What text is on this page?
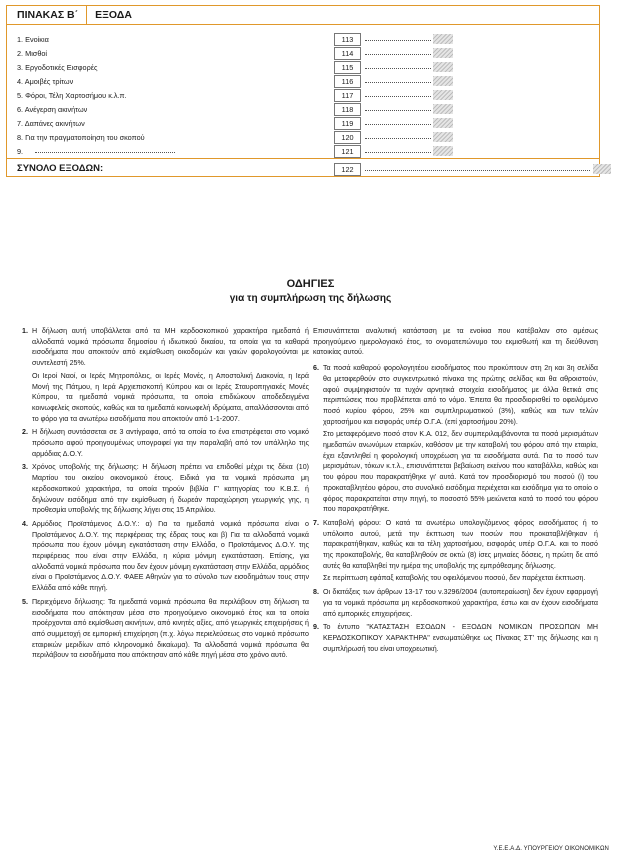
ΠΙΝΑΚΑΣ Β΄	ΕΞΟΔΑ
1. Ενοίκια	113
2. Μισθοί	114
3. Εργοδοτικές Εισφορές	115
4. Αμοιβές τρίτων	116
5. Φόροι, Τέλη Χαρτοσήμου κ.λ.π.	117
6. Ανέγερση ακινήτων	118
7. Δαπάνες ακινήτων	119
8. Για την πραγματοποίηση του σκοπού	120
9.	121
ΣΥΝΟΛΟ ΕΞΟΔΩΝ:	122
ΟΔΗΓΙΕΣ
για τη συμπλήρωση της δήλωσης
1. Η δήλωση αυτή υποβάλλεται από τα ΜΗ κερδοσκοπικού χαρακτήρα ημεδαπά ή αλλοδαπά νομικά πρόσωπα δημοσίου ή ιδιωτικού δικαίου, τα οποία για τα καθαρά εισοδήματα που αποκτούν από εκμίσθωση οικοδομών και γαιών φορολογούνται με συντελεστή 25%.

Οι Ιεροί Ναοί, οι Ιερές Μητροπόλεις, οι Ιερές Μονές, η Αποστολική Διακονία, η Ιερά Μονή της Πάτμου, η Ιερά Αρχιεπισκοπή Κύπρου και οι Ιερές Σταυροπηγιακές Μονές Κύπρου, τα ημεδαπά νομικά πρόσωπα, τα οποία επιδιώκουν αποδεδειγμένα κοινωφελείς σκοπούς, καθώς και τα ημεδαπά κοινωφελή ιδρύματα, απαλλάσσονται από το φόρο για τα ανωτέρω εισοδήματα που αποκτούν από 1-1-2007.

2. Η δήλωση συντάσσεται σε 3 αντίγραφα, από τα οποία το ένα επιστρέφεται στο νομικό πρόσωπο αφού προηγουμένως υπογραφεί για την παραλαβή από τον υπάλληλο της αρμόδιας Δ.Ο.Υ.

3. Χρόνος υποβολής της δήλωσης: Η δήλωση πρέπει να επιδοθεί μέχρι τις δέκα (10) Μαρτίου του οικείου οικονομικού έτους. Ειδικά για τα νομικά πρόσωπα μη κερδοσκοπικού χαρακτήρα, τα οποία τηρούν βιβλία Γ' κατηγορίας του Κ.Β.Σ. ή δηλώνουν εισόδημα από την εκμίσθωση ή δωρεάν παραχώρηση γεωργικής γης, η προθεσμία υποβολής της δήλωσης λήγει στις 15 Απριλίου.

4. Αρμόδιος Προϊστάμενος Δ.Ο.Υ.: α) Για τα ημεδαπά νομικά πρόσωπα είναι ο Προϊστάμενος Δ.Ο.Υ. της περιφέρειας της έδρας τους και β) Για τα αλλοδαπά νομικά πρόσωπα που έχουν μόνιμη εγκατάσταση στην Ελλάδα, ο Προϊστάμενος Δ.Ο.Υ. της περιφέρειας που είναι στην Ελλάδα, η κύρια μόνιμη εγκατάσταση. Επίσης, για αλλοδαπά νομικά πρόσωπα που δεν έχουν μόνιμη εγκατάσταση στην Ελλάδα, αρμόδιος είναι ο Προϊστάμενος Δ.Ο.Υ. ΦΑΕΕ Αθηνών για το σύνολο των εισοδημάτων τους στην Ελλάδα από κάθε πηγή.

5. Περιεχόμενο δήλωσης: Τα ημεδαπά νομικά πρόσωπα θα περιλάβουν στη δήλωση τα εισοδήματα που απόκτησαν μέσα στο προηγούμενο οικονομικό έτος και τα οποία προέρχονται από εκμίσθωση ακινήτων, από κινητές αξίες, από γεωργικές επιχειρήσεις ή από συμμετοχή σε εμπορική επιχείρηση (π.χ. λόγω περιελεύσεως στο νομικό πρόσωπο εταιρικών μεριδίων από κληρονομικό δικαίωμα). Τα αλλοδαπά νομικά πρόσωπα θα περιλάβουν τα εισοδήματα που απόκτησαν από κάθε πηγή μέσα στο χρόνο αυτό.

Επισυνάπτεται αναλυτική κατάσταση με τα ενοίκια που κατέβαλαν στο αμέσως προηγούμενο ημερολογιακό έτος, το ονοματεπώνυμο του εκμισθωτή και τη διεύθυνση κατοικίας αυτού.

6. Τα ποσά καθαρού φορολογητέου εισοδήματος που προκύπτουν στη 2η και 3η σελίδα θα μεταφερθούν στο συγκεντρωτικό πίνακα της πρώτης σελίδας και θα αθροιστούν, αφού συμψηφιστούν τα τυχόν αρνητικά στοιχεία εισοδήματος με άλλα θετικά στις περιπτώσεις που προβλέπεται από το νόμο. Έπειτα θα προσδιορισθεί το οφειλόμενο ποσό κυρίου φόρου, 25% και συμπληρωματικού (3%), καθώς και των τελών χαρτοσήμου και εισφοράς υπέρ Ο.Γ.Α. (επί χαρτοσήμου 20%).

Στο μεταφερόμενο ποσό στον Κ.Α. 012, δεν συμπεριλαμβάνονται τα ποσά μερισμάτων ημεδαπών ανωνύμων εταιριών, καθόσον με την καταβολή του φόρου από την εταιρία, έχει εξαντληθεί η φορολογική υποχρέωση για τα εισοδήματα αυτά. Για το ποσό των μερισμάτων, τόκων κ.τ.λ., επισυνάπτεται βεβαίωση εκείνου που καταβάλλει, καθώς και του φόρου που παρακρατήθηκε γι' αυτά. Κατά τον προσδιορισμό του ποσού (i) του προκαταβλητέου φόρου, στο συνολικό εισόδημα περιέχεται και εισόδημα για το οποίο ο φόρος παρακρατείται στην πηγή, το ποσοστό 55% μειώνεται κατά το ποσό του φόρου που παρακρατήθηκε.

7. Καταβολή φόρου: Ο κατά τα ανωτέρω υπολογιζόμενος φόρος εισοδήματος ή το υπόλοιπο αυτού, μετά την έκπτωση των ποσών που προκαταβλήθηκαν ή παρακρατήθηκαν, καθώς και τα τέλη χαρτοσήμου, εισφοράς υπέρ Ο.Γ.Α. και το ποσό της προκαταβολής, θα καταβληθούν σε οκτώ (8) ίσες μηνιαίες δόσεις, η πρώτη δε από αυτές θα καταβληθεί την ημέρα της υποβολής της εμπρόθεσμης δήλωσης.

Σε περίπτωση εφάπαξ καταβολής του οφειλόμενου ποσού, δεν παρέχεται έκπτωση.

8. Οι διατάξεις των άρθρων 13-17 του ν.3296/2004 (αυτοπεραίωση) δεν έχουν εφαρμογή για τα νομικά πρόσωπα μη κερδοσκοπικού χαρακτήρα, έστω και αν έχουν εισοδήματα από εμπορικές επιχειρήσεις.

9. Το έντυπο "ΚΑΤΑΣΤΑΣΗ ΕΣΟΔΩΝ - ΕΞΟΔΩΝ ΝΟΜΙΚΩΝ ΠΡΟΣΩΠΩΝ ΜΗ ΚΕΡΔΟΣΚΟΠΙΚΟΥ ΧΑΡΑΚΤΗΡΑ" ενσωματώθηκε ως Πίνακας ΣΤ' της δήλωσης και η συμπλήρωσή του είναι υποχρεωτική.

Υ.Ε.Ε.Α.Δ. ΥΠΟΥΡΓΕΙΟΥ ΟΙΚΟΝΟΜΙΚΩΝ
